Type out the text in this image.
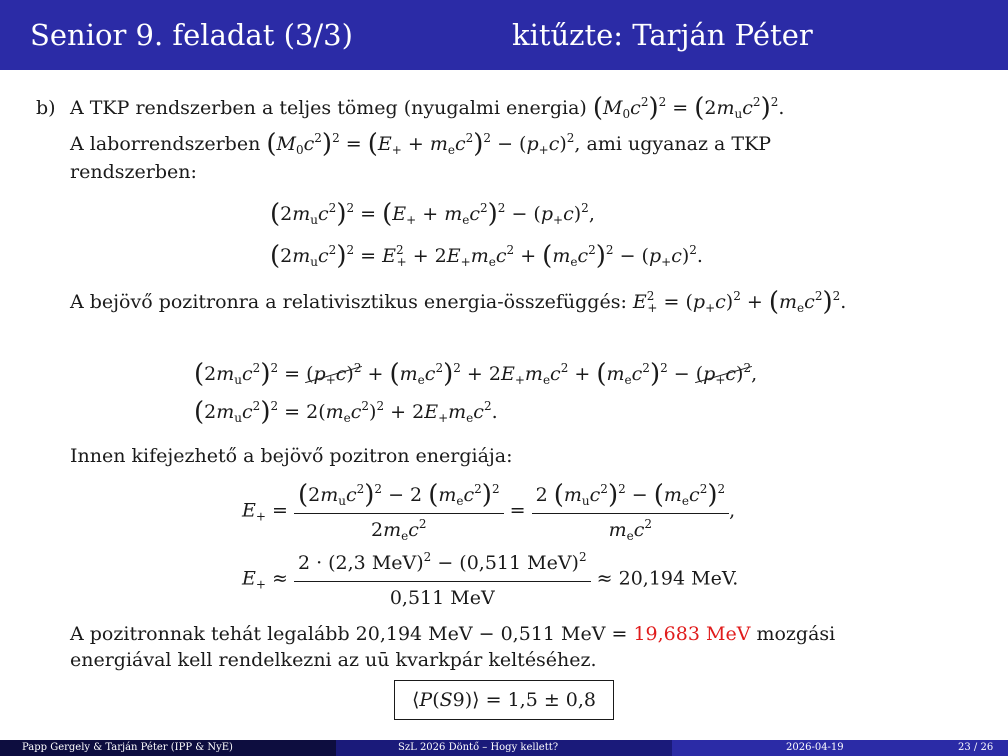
Senior 9. feladat (3/3)	kitűzte: Tarján Péter
b) A TKP rendszerben a teljes tömeg (nyugalmi energia) $(M_0c^2)^2 = (2m_uc^2)^2$.
A laborrendszerben $(M_0c^2)^2 = (E_+ + m_ec^2)^2 - (p_+c)^2$, ami ugyanaz a TKP
rendszerben:
$(2m_uc^2)^2 = (E_+ + m_ec^2)^2 - (p_+c)^2$,
$(2m_uc^2)^2 = E^2_+ + 2E_+m_ec^2 + (m_ec^2)^2 - (p_+c)^2$.
A bejövő pozitronra a relativisztikus energia-összefüggés: $E^2_+ = (p_+c)^2 + (m_ec^2)^2$.
$(2m_uc^2)^2 = (p_+c)^2 + (m_ec^2)^2 + 2E_+m_ec^2 + (m_ec^2)^2 - (p_+c)^2$,
$(2m_uc^2)^2 = 2(m_ec^2)^2 + 2E_+m_ec^2$.
Innen kifejezhető a bejövő pozitron energiája:
$E_+ = \frac{(2m_uc^2)^2 - 2 (m_ec^2)^2}{2m_ec^2} = \frac{2 (m_uc^2)^2 - (m_ec^2)^2}{m_ec^2}$ ,
$E_+ \approx \frac{2 \cdot (2,3 MeV)^2 - (0,511 MeV)^2}{\text{0,511 MeV}} \approx 20,194$ MeV.
A pozitronnak tehát legalább 20,194 MeV − 0,511 MeV = 19,683 MeV mozgási
energiával kell rendelkezni az uū kvarkpár keltéséhez.
⟨P(S9)⟩ = 1,5 ± 0,8
Papp Gergely & Tarján Péter (IPP & NyE)	SzL 2026 Döntő – Hogy kellett?	2026-04-19	23 / 26
